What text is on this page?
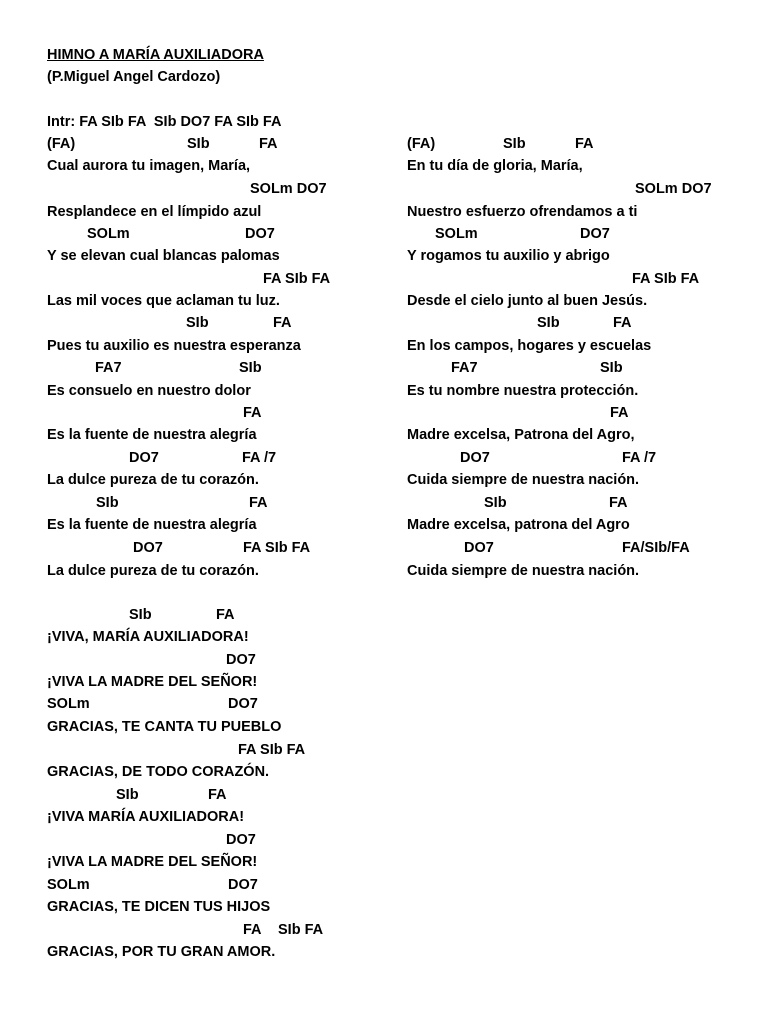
HIMNO A MARÍA AUXILIADORA
(P.Miguel Angel Cardozo)
Intr: FA SIb FA  SIb DO7 FA SIb FA
(FA)	SIb	FA
Cual aurora tu imagen, María,
SOLm DO7
Resplandece en el límpido azul
SOLm	DO7
Y se elevan cual blancas palomas
FA SIb FA
Las mil voces que aclaman tu luz.
SIb	FA
Pues tu auxilio es nuestra esperanza
FA7	SIb
Es consuelo en nuestro dolor
FA
Es la fuente de nuestra alegría
DO7	FA /7
La dulce pureza de tu corazón.
SIb	FA
Es la fuente de nuestra alegría
DO7	FA SIb FA
La dulce pureza de tu corazón.
(FA)	SIb	FA
En tu día de gloria, María,
SOLm DO7
Nuestro esfuerzo ofrendamos a ti
SOLm	DO7
Y rogamos tu auxilio y abrigo
FA SIb FA
Desde el cielo junto al buen Jesús.
SIb	FA
En los campos, hogares y escuelas
FA7	SIb
Es tu nombre nuestra protección.
FA
Madre excelsa, Patrona del Agro,
DO7	FA /7
Cuida siempre de nuestra nación.
SIb	FA
Madre excelsa, patrona del Agro
DO7	FA/SIb/FA
Cuida siempre de nuestra nación.
SIb	FA
¡VIVA, MARÍA AUXILIADORA!
DO7
¡VIVA LA MADRE DEL SEÑOR!
SOLm	DO7
GRACIAS, TE CANTA TU PUEBLO
FA SIb FA
GRACIAS, DE TODO CORAZÓN.
SIb	FA
¡VIVA MARÍA AUXILIADORA!
DO7
¡VIVA LA MADRE DEL SEÑOR!
SOLm	DO7
GRACIAS, TE DICEN TUS HIJOS
FA SIb FA
GRACIAS, POR TU GRAN AMOR.
